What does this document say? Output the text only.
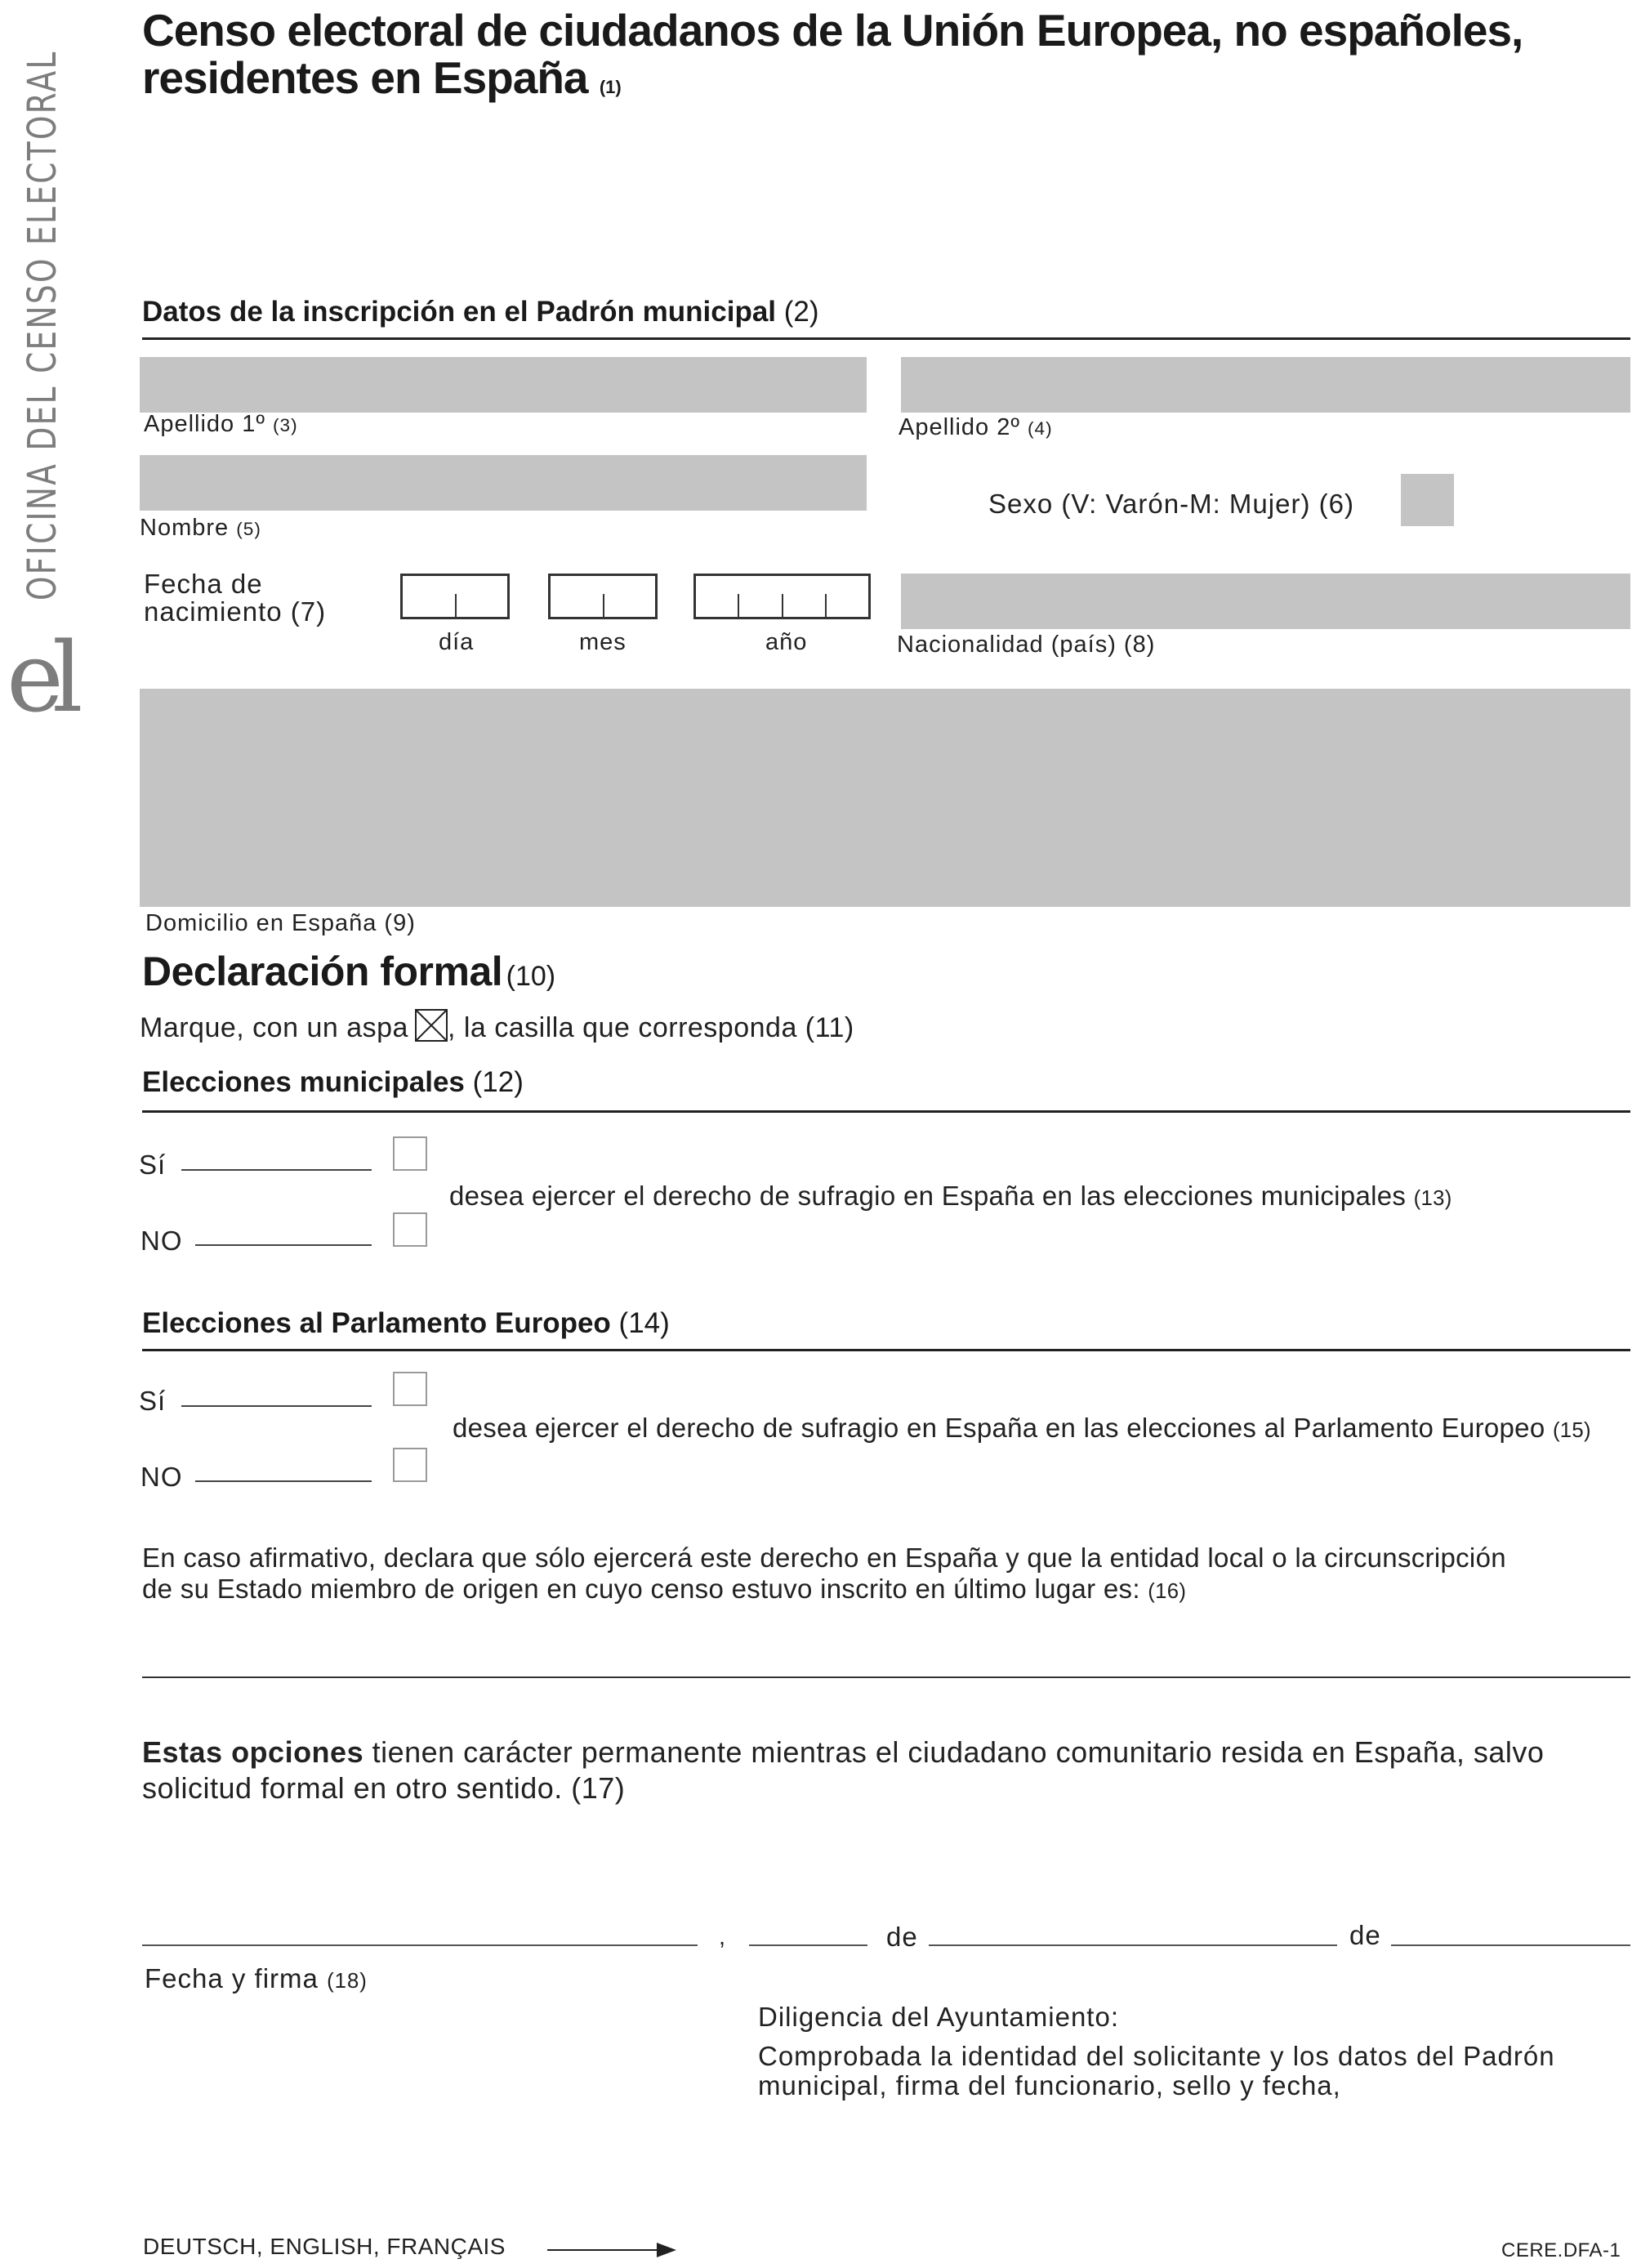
el
OFICINA DEL CENSO ELECTORAL
Censo electoral de ciudadanos de la Unión Europea, no españoles,
residentes en España (1)
Datos de la inscripción en el Padrón municipal (2)
Apellido 1º (3)	Apellido 2º (4)
Nombre (5)
Sexo (V: Varón-M: Mujer) (6)
Fecha de
nacimiento (7)
día	mes	año	Nacionalidad (país) (8)
Domicilio en España (9)
Declaración formal (10)
Marque, con un aspa ☒, la casilla que corresponda (11)
Elecciones municipales (12)
Sí
NO
desea ejercer el derecho de sufragio en España en las elecciones municipales (13)
Elecciones al Parlamento Europeo (14)
Sí
NO
desea ejercer el derecho de sufragio en España en las elecciones al Parlamento Europeo (15)
En caso afirmativo, declara que sólo ejercerá este derecho en España y que la entidad local o la circunscripción
de su Estado miembro de origen en cuyo censo estuvo inscrito en último lugar es: (16)
Estas opciones tienen carácter permanente mientras el ciudadano comunitario resida en España, salvo
solicitud formal en otro sentido. (17)
,	de	de
Fecha y firma (18)
Diligencia del Ayuntamiento:
Comprobada la identidad del solicitante y los datos del Padrón
municipal, firma del funcionario, sello y fecha,
DEUTSCH, ENGLISH, FRANÇAIS	CERE.DFA-1
